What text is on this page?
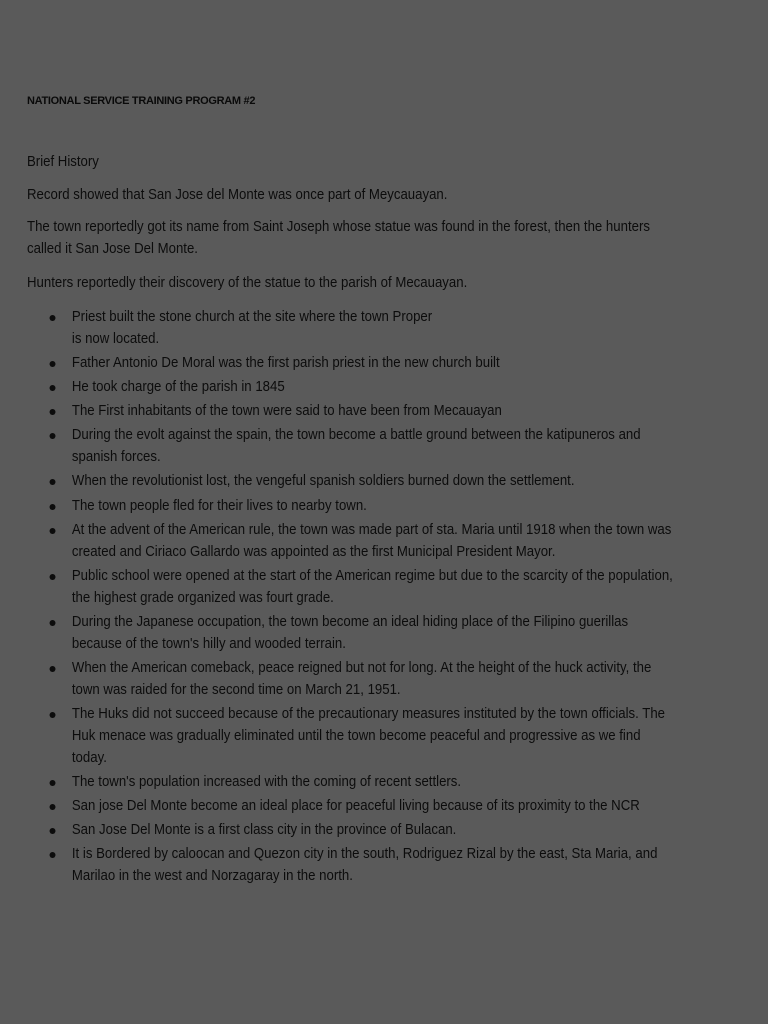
NATIONAL SERVICE TRAINING PROGRAM #2

Brief History

Record showed that San Jose del Monte was once part of Meycauayan.

The town reportedly got its name from Saint Joseph whose statue was found in the forest, then the hunters called it San Jose Del Monte.

Hunters reportedly their discovery of the statue to the parish of Mecauayan.

Priest built the stone church at the site where the town Proper is now located.
Father Antonio De Moral was the first parish priest in the new church built
He took charge of the parish in 1845
The First inhabitants of the town were said to have been from Mecauayan
During the evolt against the spain, the town become a battle ground between the katipuneros and spanish forces.
When the revolutionist lost, the vengeful spanish soldiers burned down the settlement.
The town people fled for their lives to nearby town.
At the advent of the American rule, the town was made part of sta. Maria until 1918 when the town was created and Ciriaco Gallardo was appointed as the first Municipal President Mayor.
Public school were opened at the start of the American regime but due to the scarcity of the population, the highest grade organized was fourt grade.
During the Japanese occupation, the town become an ideal hiding place of the Filipino guerillas because of the town's hilly and wooded terrain.
When the American comeback, peace reigned but not for long. At the height of the huck activity, the town was raided for the second time on March 21, 1951.
The Huks did not succeed because of the precautionary measures instituted by the town officials. The Huk menace was gradually eliminated until the town become peaceful and progressive as we find today.
The town's population increased with the coming of recent settlers.
San jose Del Monte become an ideal place for peaceful living because of its proximity to the NCR
San Jose Del Monte is a first class city in the province of Bulacan.
It is Bordered by caloocan and Quezon city in the south, Rodriguez Rizal by the east, Sta Maria, and Marilao in the west and Norzagaray in the north.
